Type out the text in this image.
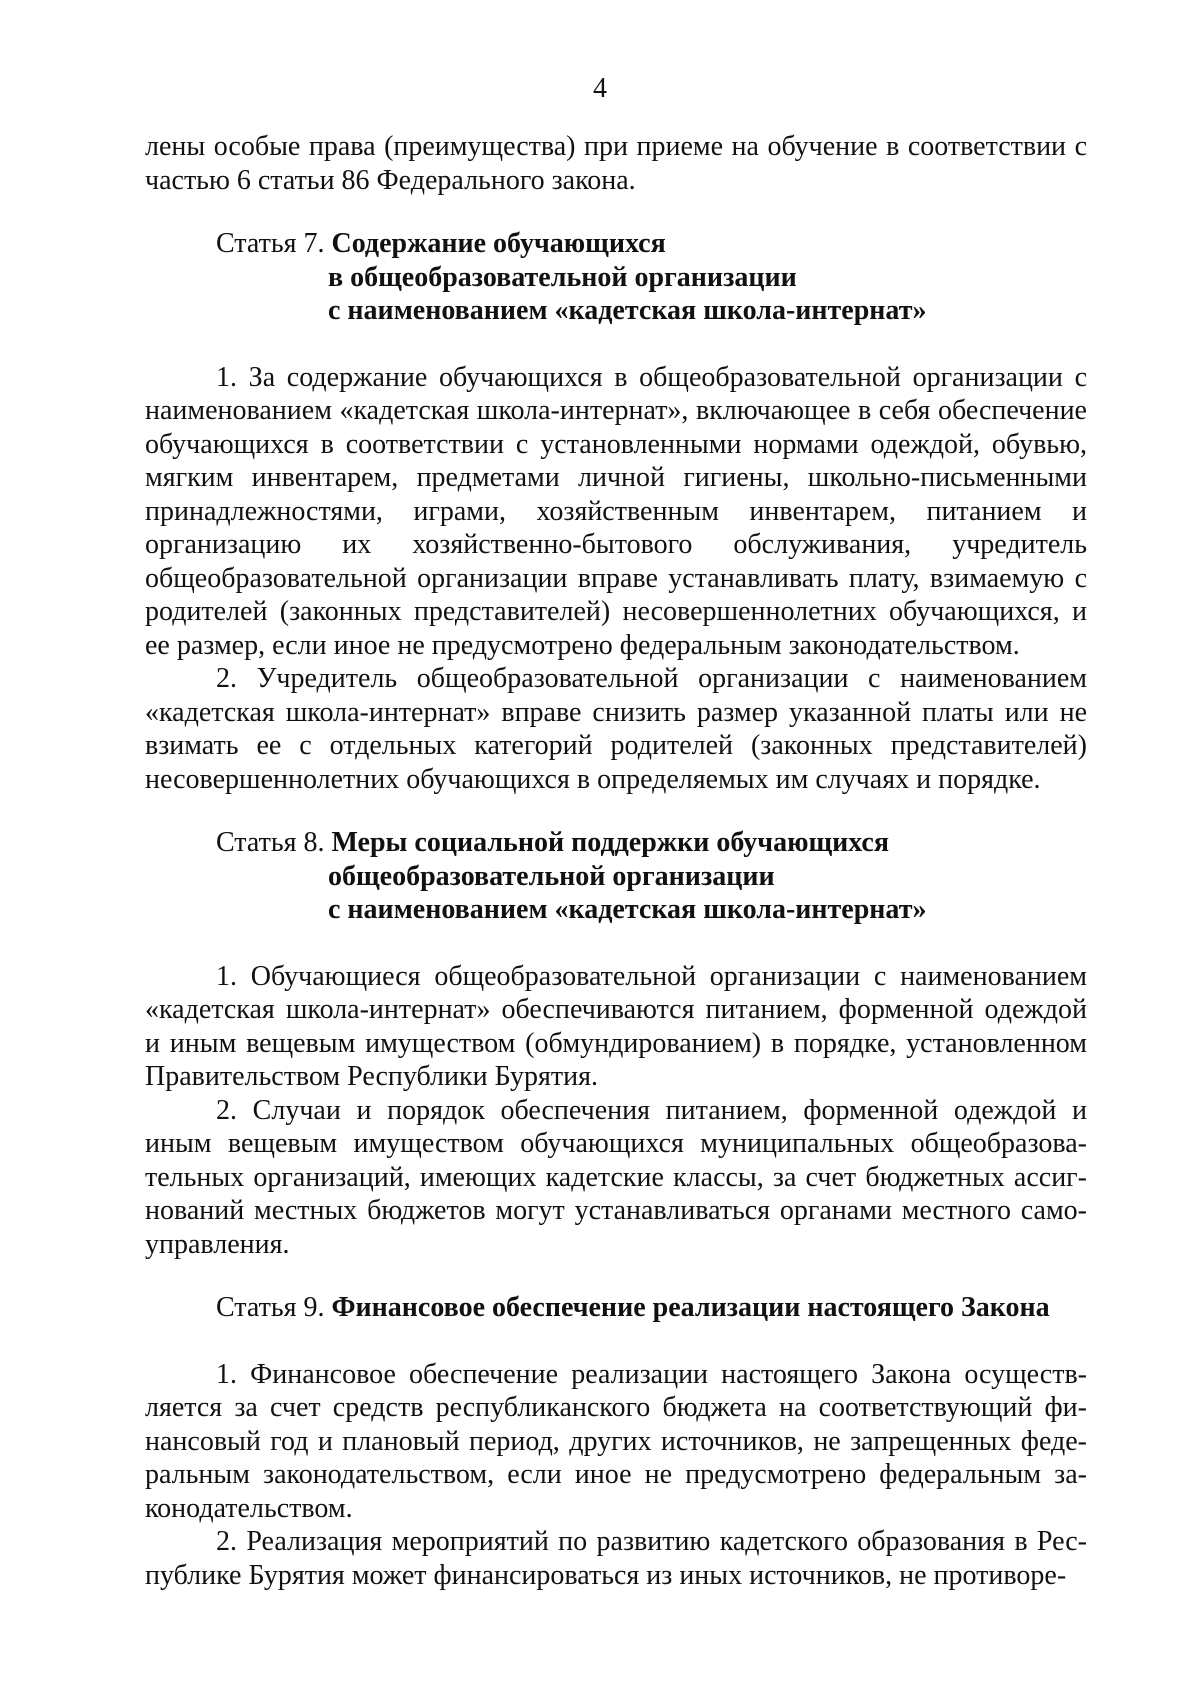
4

лены особые права (преимущества) при приеме на обучение в соответствии с частью 6 статьи 86 Федерального закона.

Статья 7. Содержание обучающихся
в общеобразовательной организации
с наименованием «кадетская школа-интернат»

1. За содержание обучающихся в общеобразовательной организации с наименованием «кадетская школа-интернат», включающее в себя обеспечение обучающихся в соответствии с установленными нормами одеждой, обувью, мягким инвентарем, предметами личной гигиены, школьно-письменными принадлежностями, играми, хозяйственным инвентарем, питанием и организацию их хозяйственно-бытового обслуживания, учредитель общеобразовательной организации вправе устанавливать плату, взимаемую с родителей (законных представителей) несовершеннолетних обучающихся, и ее размер, если иное не предусмотрено федеральным законодательством.

2. Учредитель общеобразовательной организации с наименованием «кадетская школа-интернат» вправе снизить размер указанной платы или не взимать ее с отдельных категорий родителей (законных представителей) несовершеннолетних обучающихся в определяемых им случаях и порядке.

Статья 8. Меры социальной поддержки обучающихся
общеобразовательной организации
с наименованием «кадетская школа-интернат»

1. Обучающиеся общеобразовательной организации с наименованием «кадетская школа-интернат» обеспечиваются питанием, форменной одеждой и иным вещевым имуществом (обмундированием) в порядке, установленном Правительством Республики Бурятия.

2. Случаи и порядок обеспечения питанием, форменной одеждой и иным вещевым имуществом обучающихся муниципальных общеобразовательных организаций, имеющих кадетские классы, за счет бюджетных ассигнований местных бюджетов могут устанавливаться органами местного самоуправления.

Статья 9. Финансовое обеспечение реализации настоящего Закона

1. Финансовое обеспечение реализации настоящего Закона осуществляется за счет средств республиканского бюджета на соответствующий финансовый год и плановый период, других источников, не запрещенных федеральным законодательством, если иное не предусмотрено федеральным законодательством.

2. Реализация мероприятий по развитию кадетского образования в Республике Бурятия может финансироваться из иных источников, не противоре-
